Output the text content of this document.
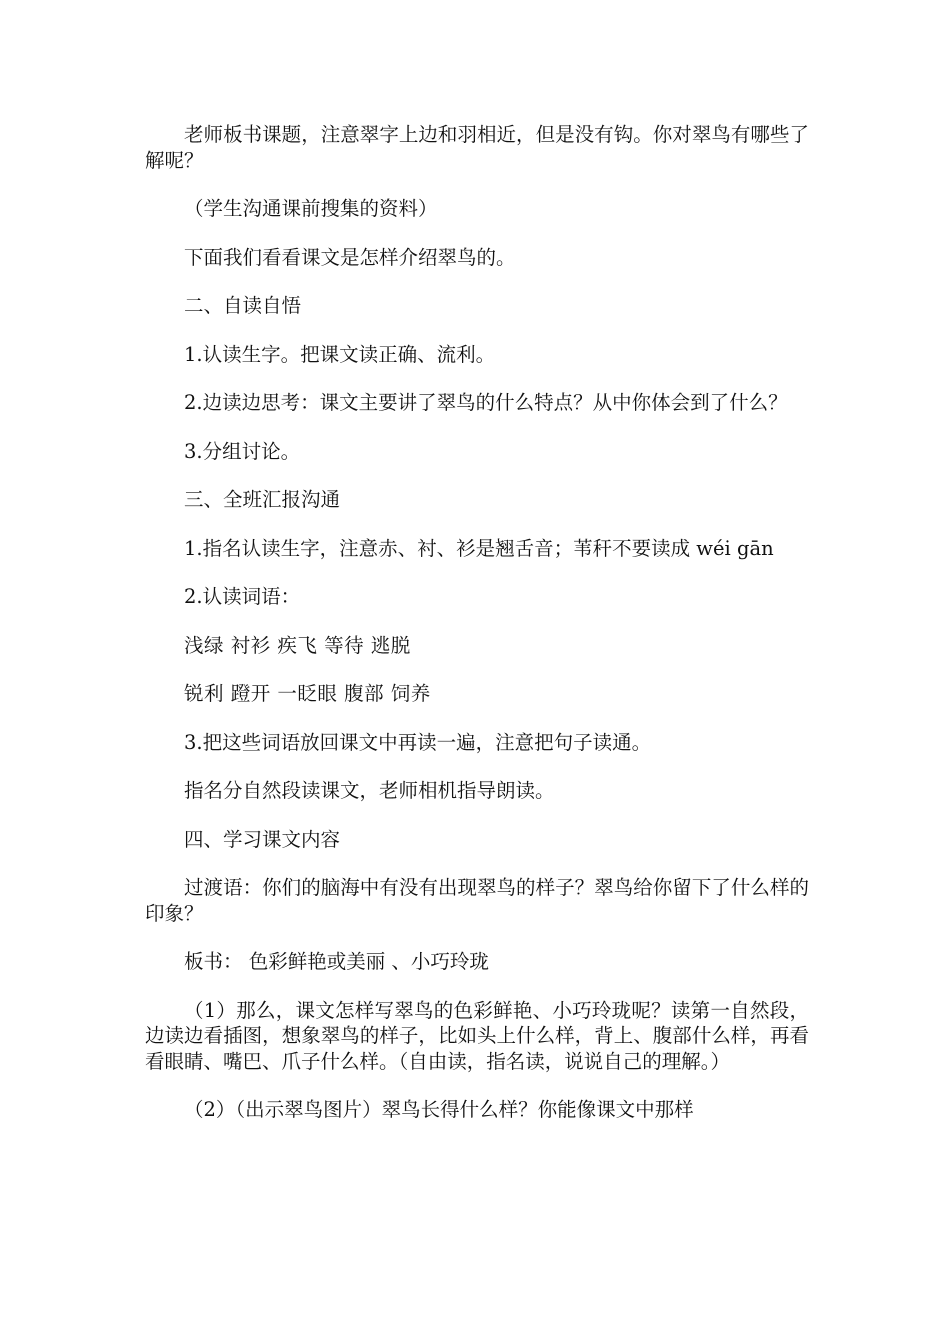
老师板书课题，注意翠字上边和羽相近，但是没有钩。你对翠鸟有哪些了解呢？

（学生沟通课前搜集的资料）

下面我们看看课文是怎样介绍翠鸟的。

二、自读自悟

1.认读生字。把课文读正确、流利。

2.边读边思考：课文主要讲了翠鸟的什么特点？从中你体会到了什么？

3.分组讨论。

三、全班汇报沟通

1.指名认读生字，注意赤、衬、衫是翘舌音；苇秆不要读成 wéi gān

2.认读词语：

浅绿 衬衫 疾飞 等待 逃脱

锐利 蹬开 一眨眼 腹部 饲养

3.把这些词语放回课文中再读一遍，注意把句子读通。

指名分自然段读课文，老师相机指导朗读。

四、学习课文内容

过渡语：你们的脑海中有没有出现翠鸟的样子？翠鸟给你留下了什么样的印象？

板书： 色彩鲜艳或美丽 、小巧玲珑

（1）那么，课文怎样写翠鸟的色彩鲜艳、小巧玲珑呢？读第一自然段，边读边看插图，想象翠鸟的样子，比如头上什么样，背上、腹部什么样，再看看眼睛、嘴巴、爪子什么样。（自由读，指名读，说说自己的理解。）

（2）（出示翠鸟图片）翠鸟长得什么样？你能像课文中那样
